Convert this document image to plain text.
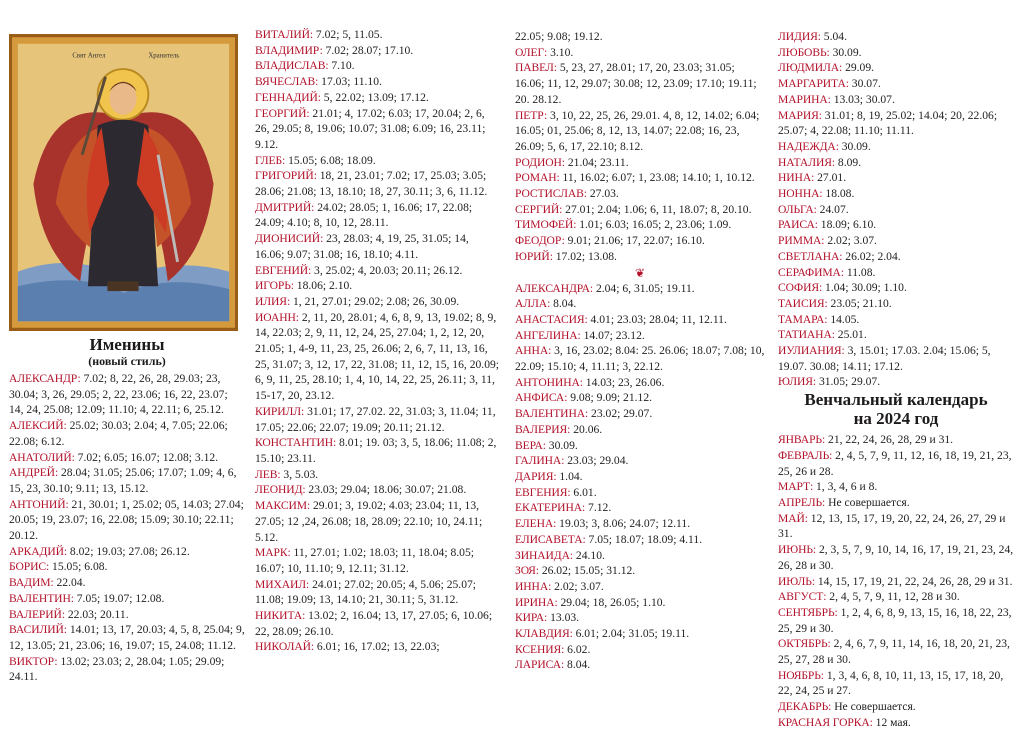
Свят Ангел	Хранитель
Именины
(новый стиль)

АЛЕКСАНДР: 7.02; 8, 22, 26, 28, 29.03; 23, 30.04; 3, 26, 29.05; 2, 22, 23.06; 16, 22, 23.07; 14, 24, 25.08; 12.09; 11.10; 4, 22.11; 6, 25.12.

АЛЕКСИЙ: 25.02; 30.03; 2.04; 4, 7.05; 22.06; 22.08; 6.12.

АНАТОЛИЙ: 7.02; 6.05; 16.07; 12.08; 3.12.

АНДРЕЙ: 28.04; 31.05; 25.06; 17.07; 1.09; 4, 6, 15, 23, 30.10; 9.11; 13, 15.12.

АНТОНИЙ: 21, 30.01; 1, 25.02; 05, 14.03; 27.04; 20.05; 19, 23.07; 16, 22.08; 15.09; 30.10; 22.11; 20.12.

АРКАДИЙ: 8.02; 19.03; 27.08; 26.12.

БОРИС: 15.05; 6.08.

ВАДИМ: 22.04.

ВАЛЕНТИН: 7.05; 19.07; 12.08.

ВАЛЕРИЙ: 22.03; 20.11.

ВАСИЛИЙ: 14.01; 13, 17, 20.03; 4, 5, 8, 25.04; 9, 12, 13.05; 21, 23.06; 16, 19.07; 15, 24.08; 11.12.

ВИКТОР: 13.02; 23.03; 2, 28.04; 1.05; 29.09; 24.11.

ВИТАЛИЙ: 7.02; 5, 11.05.

ВЛАДИМИР: 7.02; 28.07; 17.10.

ВЛАДИСЛАВ: 7.10.

ВЯЧЕСЛАВ: 17.03; 11.10.

ГЕННАДИЙ: 5, 22.02; 13.09; 17.12.

ГЕОРГИЙ: 21.01; 4, 17.02; 6.03; 17, 20.04; 2, 6, 26, 29.05; 8, 19.06; 10.07; 31.08; 6.09; 16, 23.11; 9.12.

ГЛЕБ: 15.05; 6.08; 18.09.

ГРИГОРИЙ: 18, 21, 23.01; 7.02; 17, 25.03; 3.05; 28.06; 21.08; 13, 18.10; 18, 27, 30.11; 3, 6, 11.12.

ДМИТРИЙ: 24.02; 28.05; 1, 16.06; 17, 22.08; 24.09; 4.10; 8, 10, 12, 28.11.

ДИОНИСИЙ: 23, 28.03; 4, 19, 25, 31.05; 14, 16.06; 9.07; 31.08; 16, 18.10; 4.11.

ЕВГЕНИЙ: 3, 25.02; 4, 20.03; 20.11; 26.12.

ИГОРЬ: 18.06; 2.10.

ИЛИЯ: 1, 21, 27.01; 29.02; 2.08; 26, 30.09.

ИОАНН: 2, 11, 20, 28.01; 4, 6, 8, 9, 13, 19.02; 8, 9, 14, 22.03; 2, 9, 11, 12, 24, 25, 27.04; 1, 2, 12, 20, 21.05; 1, 4-9, 11, 23, 25, 26.06; 2, 6, 7, 11, 13, 16, 25, 31.07; 3, 12, 17, 22, 31.08; 11, 12, 15, 16, 20.09; 6, 9, 11, 25, 28.10; 1, 4, 10, 14, 22, 25, 26.11; 3, 11, 15-17, 20, 23.12.

КИРИЛЛ: 31.01; 17, 27.02. 22, 31.03; 3, 11.04; 11, 17.05; 22.06; 22.07; 19.09; 20.11; 21.12.

КОНСТАНТИН: 8.01; 19. 03; 3, 5, 18.06; 11.08; 2, 15.10; 23.11.

ЛЕВ: 3, 5.03.

ЛЕОНИД: 23.03; 29.04; 18.06; 30.07; 21.08.

МАКСИМ: 29.01; 3, 19.02; 4.03; 23.04; 11, 13, 27.05; 12 ,24, 26.08; 18, 28.09; 22.10; 10, 24.11; 5.12.

МАРК: 11, 27.01; 1.02; 18.03; 11, 18.04; 8.05; 16.07; 10, 11.10; 9, 12.11; 31.12.

МИХАИЛ: 24.01; 27.02; 20.05; 4, 5.06; 25.07; 11.08; 19.09; 13, 14.10; 21, 30.11; 5, 31.12.

НИКИТА: 13.02; 2, 16.04; 13, 17, 27.05; 6, 10.06; 22, 28.09; 26.10.

НИКОЛАЙ: 6.01; 16, 17.02; 13, 22.03;

22.05; 9.08; 19.12.

ОЛЕГ: 3.10.

ПАВЕЛ: 5, 23, 27, 28.01; 17, 20, 23.03; 31.05; 16.06; 11, 12, 29.07; 30.08; 12, 23.09; 17.10; 19.11; 20. 28.12.

ПЕТР: 3, 10, 22, 25, 26, 29.01. 4, 8, 12, 14.02; 6.04; 16.05; 01, 25.06; 8, 12, 13, 14.07; 22.08; 16, 23, 26.09; 5, 6, 17, 22.10; 8.12.

РОДИОН: 21.04; 23.11.

РОМАН: 11, 16.02; 6.07; 1, 23.08; 14.10; 1, 10.12.

РОСТИСЛАВ: 27.03.

СЕРГИЙ: 27.01; 2.04; 1.06; 6, 11, 18.07; 8, 20.10.

ТИМОФЕЙ: 1.01; 6.03; 16.05; 2, 23.06; 1.09.

ФЕОДОР: 9.01; 21.06; 17, 22.07; 16.10.

ЮРИЙ: 17.02; 13.08.

❦

АЛЕКСАНДРА: 2.04; 6, 31.05; 19.11.

АЛЛА: 8.04.

АНАСТАСИЯ: 4.01; 23.03; 28.04; 11, 12.11.

АНГЕЛИНА: 14.07; 23.12.

АННА: 3, 16, 23.02; 8.04: 25. 26.06; 18.07; 7.08; 10, 22.09; 15.10; 4, 11.11; 3, 22.12.

АНТОНИНА: 14.03; 23, 26.06.

АНФИСА: 9.08; 9.09; 21.12.

ВАЛЕНТИНА: 23.02; 29.07.

ВАЛЕРИЯ: 20.06.

ВЕРА: 30.09.

ГАЛИНА: 23.03; 29.04.

ДАРИЯ: 1.04.

ЕВГЕНИЯ: 6.01.

ЕКАТЕРИНА: 7.12.

ЕЛЕНА: 19.03; 3, 8.06; 24.07; 12.11.

ЕЛИСАВЕТА: 7.05; 18.07; 18.09; 4.11.

ЗИНАИДА: 24.10.

ЗОЯ: 26.02; 15.05; 31.12.

ИННА: 2.02; 3.07.

ИРИНА: 29.04; 18, 26.05; 1.10.

КИРА: 13.03.

КЛАВДИЯ: 6.01; 2.04; 31.05; 19.11.

КСЕНИЯ: 6.02.

ЛАРИСА: 8.04.

ЛИДИЯ: 5.04.

ЛЮБОВЬ: 30.09.

ЛЮДМИЛА: 29.09.

МАРГАРИТА: 30.07.

МАРИНА: 13.03; 30.07.

МАРИЯ: 31.01; 8, 19, 25.02; 14.04; 20, 22.06; 25.07; 4, 22.08; 11.10; 11.11.

НАДЕЖДА: 30.09.

НАТАЛИЯ: 8.09.

НИНА: 27.01.

НОННА: 18.08.

ОЛЬГА: 24.07.

РАИСА: 18.09; 6.10.

РИММА: 2.02; 3.07.

СВЕТЛАНА: 26.02; 2.04.

СЕРАФИМА: 11.08.

СОФИЯ: 1.04; 30.09; 1.10.

ТАИСИЯ: 23.05; 21.10.

ТАМАРА: 14.05.

ТАТИАНА: 25.01.

ИУЛИАНИЯ: 3, 15.01; 17.03. 2.04; 15.06; 5, 19.07. 30.08; 14.11; 17.12.

ЮЛИЯ: 31.05; 29.07.

Венчальный календарь
на 2024 год

ЯНВАРЬ: 21, 22, 24, 26, 28, 29 и 31.

ФЕВРАЛЬ: 2, 4, 5, 7, 9, 11, 12, 16, 18, 19, 21, 23, 25, 26 и 28.

МАРТ: 1, 3, 4, 6 и 8.

АПРЕЛЬ: Не совершается.

МАЙ: 12, 13, 15, 17, 19, 20, 22, 24, 26, 27, 29 и 31.

ИЮНЬ: 2, 3, 5, 7, 9, 10, 14, 16, 17, 19, 21, 23, 24, 26, 28 и 30.

ИЮЛЬ: 14, 15, 17, 19, 21, 22, 24, 26, 28, 29 и 31.

АВГУСТ: 2, 4, 5, 7, 9, 11, 12, 28 и 30.

СЕНТЯБРЬ: 1, 2, 4, 6, 8, 9, 13, 15, 16, 18, 22, 23, 25, 29 и 30.

ОКТЯБРЬ: 2, 4, 6, 7, 9, 11, 14, 16, 18, 20, 21, 23, 25, 27, 28 и 30.

НОЯБРЬ: 1, 3, 4, 6, 8, 10, 11, 13, 15, 17, 18, 20, 22, 24, 25 и 27.

ДЕКАБРЬ: Не совершается.

КРАСНАЯ ГОРКА: 12 мая.
